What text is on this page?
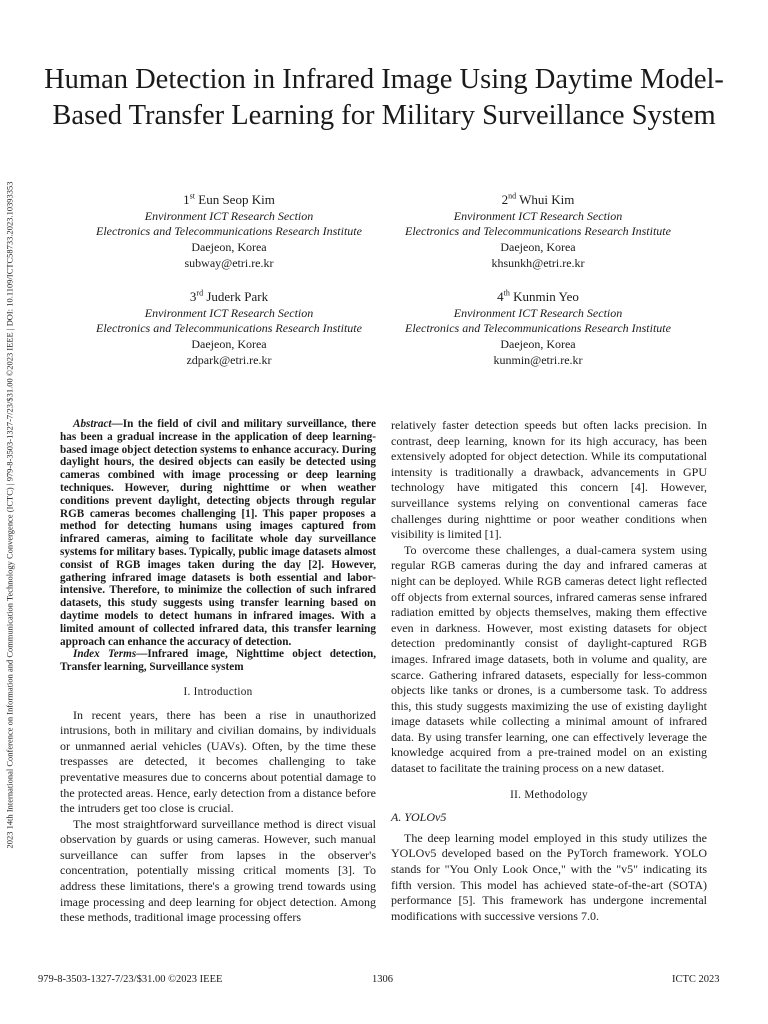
2023 14th International Conference on Information and Communication Technology Convergence (ICTC) | 979-8-3503-1327-7/23/$31.00 ©2023 IEEE | DOI: 10.1109/ICTC58733.2023.10393353
Human Detection in Infrared Image Using Daytime Model-Based Transfer Learning for Military Surveillance System
1st Eun Seop Kim
Environment ICT Research Section
Electronics and Telecommunications Research Institute
Daejeon, Korea
subway@etri.re.kr
2nd Whui Kim
Environment ICT Research Section
Electronics and Telecommunications Research Institute
Daejeon, Korea
khsunkh@etri.re.kr
3rd Juderk Park
Environment ICT Research Section
Electronics and Telecommunications Research Institute
Daejeon, Korea
zdpark@etri.re.kr
4th Kunmin Yeo
Environment ICT Research Section
Electronics and Telecommunications Research Institute
Daejeon, Korea
kunmin@etri.re.kr

Abstract—In the field of civil and military surveillance, there has been a gradual increase in the application of deep learning-based image object detection systems to enhance accuracy. During daylight hours, the desired objects can easily be detected using cameras combined with image processing or deep learning techniques. However, during nighttime or when weather conditions prevent daylight, detecting objects through regular RGB cameras becomes challenging [1]. This paper proposes a method for detecting humans using images captured from infrared cameras, aiming to facilitate whole day surveillance systems for military bases. Typically, public image datasets almost consist of RGB images taken during the day [2]. However, gathering infrared image datasets is both essential and labor-intensive. Therefore, to minimize the collection of such infrared datasets, this study suggests using transfer learning based on daytime models to detect humans in infrared images. With a limited amount of collected infrared data, this transfer learning approach can enhance the accuracy of detection.

Index Terms—Infrared image, Nighttime object detection, Transfer learning, Surveillance system

I. Introduction

In recent years, there has been a rise in unauthorized intrusions, both in military and civilian domains, by individuals or unmanned aerial vehicles (UAVs). Often, by the time these trespasses are detected, it becomes challenging to take preventative measures due to concerns about potential damage to the protected areas. Hence, early detection from a distance before the intruders get too close is crucial.

The most straightforward surveillance method is direct visual observation by guards or using cameras. However, such manual surveillance can suffer from lapses in the observer's concentration, potentially missing critical moments [3]. To address these limitations, there's a growing trend towards using image processing and deep learning for object detection. Among these methods, traditional image processing offers

relatively faster detection speeds but often lacks precision. In contrast, deep learning, known for its high accuracy, has been extensively adopted for object detection. While its computational intensity is traditionally a drawback, advancements in GPU technology have mitigated this concern [4]. However, surveillance systems relying on conventional cameras face challenges during nighttime or poor weather conditions when visibility is limited [1].

To overcome these challenges, a dual-camera system using regular RGB cameras during the day and infrared cameras at night can be deployed. While RGB cameras detect light reflected off objects from external sources, infrared cameras sense infrared radiation emitted by objects themselves, making them effective even in darkness. However, most existing datasets for object detection predominantly consist of daylight-captured RGB images. Infrared image datasets, both in volume and quality, are scarce. Gathering infrared datasets, especially for less-common objects like tanks or drones, is a cumbersome task. To address this, this study suggests maximizing the use of existing daylight image datasets while collecting a minimal amount of infrared data. By using transfer learning, one can effectively leverage the knowledge acquired from a pre-trained model on an existing dataset to facilitate the training process on a new dataset.

II. Methodology
A. YOLOv5

The deep learning model employed in this study utilizes the YOLOv5 developed based on the PyTorch framework. YOLO stands for "You Only Look Once," with the "v5" indicating its fifth version. This model has achieved state-of-the-art (SOTA) performance [5]. This framework has undergone incremental modifications with successive versions 7.0.

979-8-3503-1327-7/23/$31.00 ©2023 IEEE	1306	ICTC 2023
